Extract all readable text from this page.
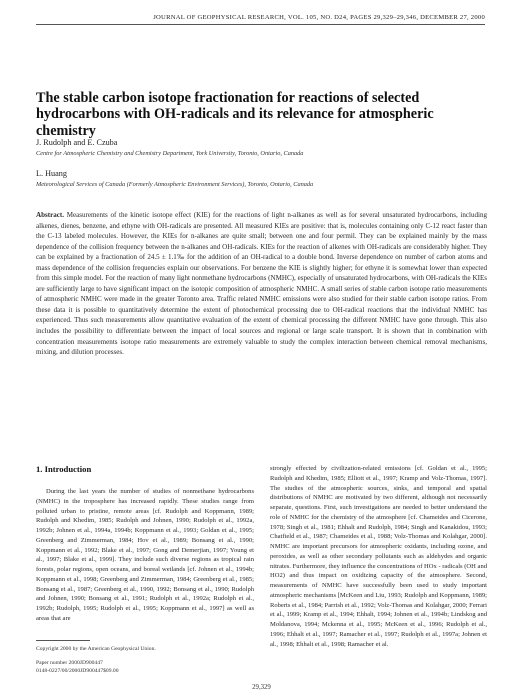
JOURNAL OF GEOPHYSICAL RESEARCH, VOL. 105, NO. D24, PAGES 29,329–29,346, DECEMBER 27, 2000
The stable carbon isotope fractionation for reactions of selected hydrocarbons with OH-radicals and its relevance for atmospheric chemistry
J. Rudolph and E. Czuba
Centre for Atmospheric Chemistry and Chemistry Department, York University, Toronto, Ontario, Canada
L. Huang
Meteorological Services of Canada (Formerly Atmospheric Environment Services), Toronto, Ontario, Canada

Abstract. Measurements of the kinetic isotope effect (KIE) for the reactions of light n-alkanes as well as for several unsaturated hydrocarbons, including alkenes, dienes, benzene, and ethyne with OH-radicals are presented. All measured KIEs are positive: that is, molecules containing only C-12 react faster than the C-13 labeled molecules. However, the KIEs for n-alkanes are quite small; between one and four permil. They can be explained mainly by the mass dependence of the collision frequency between the n-alkanes and OH-radicals. KIEs for the reaction of alkenes with OH-radicals are considerably higher. They can be explained by a fractionation of 24.5 ± 1.1‰ for the addition of an OH-radical to a double bond. Inverse dependence on number of carbon atoms and mass dependence of the collision frequencies explain our observations. For benzene the KIE is slightly higher; for ethyne it is somewhat lower than expected from this simple model. For the reaction of many light nonmethane hydrocarbons (NMHC), especially of unsaturated hydrocarbons, with OH-radicals the KIEs are sufficiently large to have significant impact on the isotopic composition of atmospheric NMHC. A small series of stable carbon isotope ratio measurements of atmospheric NMHC were made in the greater Toronto area. Traffic related NMHC emissions were also studied for their stable carbon isotope ratios. From these data it is possible to quantitatively determine the extent of photochemical processing due to OH-radical reactions that the individual NMHC has experienced. Thus such measurements allow quantitative evaluation of the extent of chemical processing the different NMHC have gone through. This also includes the possibility to differentiate between the impact of local sources and regional or large scale transport. It is shown that in combination with concentration measurements isotope ratio measurements are extremely valuable to study the complex interaction between chemical removal mechanisms, mixing, and dilution processes.

1. Introduction

During the last years the number of studies of nonmethane hydrocarbons (NMHC) in the troposphere has increased rapidly. These studies range from polluted urban to pristine, remote areas [cf. Rudolph and Koppmann, 1989; Rudolph and Khedim, 1985; Rudolph and Johnen, 1990; Rudolph et al., 1992a, 1992b; Johnen et al., 1994a, 1994b; Koppmann et al., 1993; Goldan et al., 1995; Greenberg and Zimmerman, 1984; Hov et al., 1989; Bonsang et al., 1990; Koppmann et al., 1992; Blake et al., 1997; Gong and Demerjian, 1997; Young et al., 1997; Blake et al., 1999]. They include such diverse regions as tropical rain forests, polar regions, open oceans, and boreal wetlands [cf. Johnen et al., 1994b; Koppmann et al., 1998; Greenberg and Zimmerman, 1984; Greenberg et al., 1985; Bonsang et al., 1987; Greenberg et al., 1990, 1992; Bonsang et al., 1990; Rudolph and Johnen, 1990; Bonsang et al., 1991; Rudolph et al., 1992a; Rudolph et al., 1992b; Rudolph, 1995; Rudolph et al., 1995; Koppmann et al., 1997] as well as areas that are

strongly effected by civilization-related emissions [cf. Goldan et al., 1995; Rudolph and Khedim, 1985; Elliott et al., 1997; Kramp and Volz-Thomas, 1997]. The studies of the atmospheric sources, sinks, and temporal and spatial distributions of NMHC are motivated by two different, although not necessarily separate, questions. First, such investigations are needed to better understand the role of NMHC for the chemistry of the atmosphere [cf. Chameides and Cicerone, 1978; Singh et al., 1981; Ehhalt and Rudolph, 1984; Singh and Kanakidou, 1993; Chatfield et al., 1987; Chameides et al., 1988; Volz-Thomas and Kolahgar, 2000]. NMHC are important precursors for atmospheric oxidants, including ozone, and peroxides, as well as other secondary pollutants such as aldehydes and organic nitrates. Furthermore, they influence the concentrations of HOx - radicals (OH and HO2) and thus impact on oxidizing capacity of the atmosphere. Second, measurements of NMHC have successfully been used to study important atmospheric mechanisms [McKeen and Liu, 1993; Rudolph and Koppmann, 1989; Roberts et al., 1984; Parrish et al., 1992; Volz-Thomas and Kolahgar, 2000; Ferrari et al., 1999; Kramp et al., 1994; Ehhalt, 1994; Johnen et al., 1994b; Lindskog and Moldanova, 1994; Mckenna et al., 1995; McKeen et al., 1996; Rudolph et al., 1996; Ehhalt et al., 1997; Ramacher et al., 1997; Rudolph et al., 1997a; Johnen et al., 1998; Ehhalt et al., 1998; Ramacher et al.

Copyright 2000 by the American Geophysical Union.

Paper number 2000JD900447

0148-0227/00/2000JD900447$09.00

29,329
